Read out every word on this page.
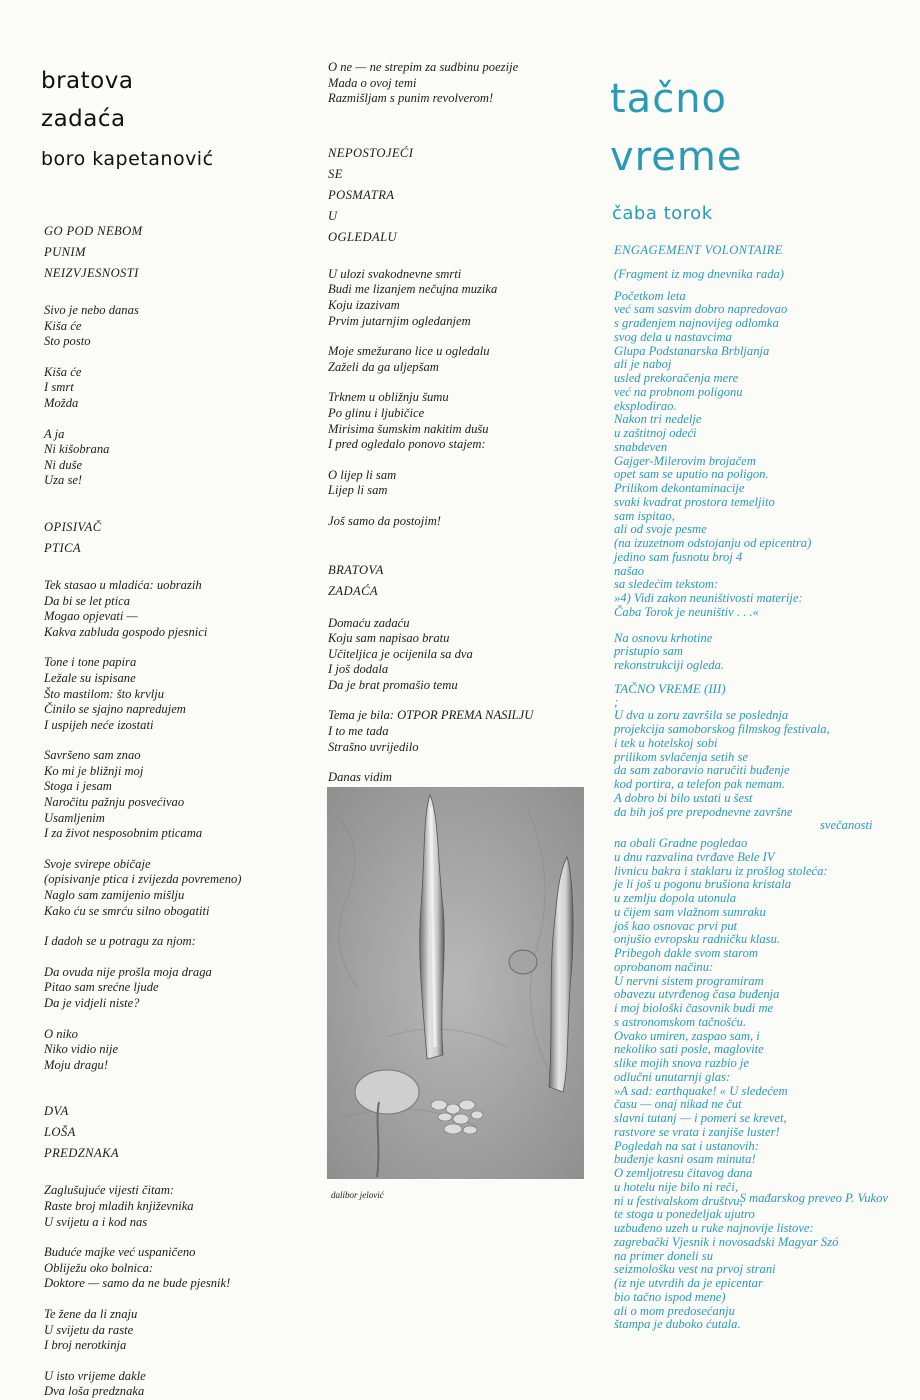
bratova
zadaća
boro kapetanović
GO POD NEBOM
PUNIM
NEIZVJESNOSTI
Sivo je nebo danas
Kiša će
Sto posto
Kiša će
I smrt
Možda
A ja
Ni kišobrana
Ni duše
Uza se!
OPISIVAČ
PTICA
Tek stasao u mladića: uobrazih
Da bi se let ptica
Mogao opjevati —
Kakva zabluda gospodo pjesnici
Tone i tone papira
Ležale su ispisane
Što mastilom: što krvlju
Činilo se sjajno napredujem
I uspijeh neće izostati
Savršeno sam znao
Ko mi je bližnji moj
Stoga i jesam
Naročitu pažnju posvećivao
Usamljenim
I za život nesposobnim pticama
Svoje svirepe običaje
(opisivanje ptica i zvijezda povremeno)
Naglo sam zamijenio mišlju
Kako ću se smrću silno obogatiti
I dadoh se u potragu za njom:
Da ovuda nije prošla moja draga
Pitao sam srećne ljude
Da je vidjeli niste?
O niko
Niko vidio nije
Moju dragu!
DVA
LOŠA
PREDZNAKA
Zaglušujuće vijesti čitam:
Raste broj mladih književnika
U svijetu a i kod nas
Buduće majke već uspaničeno
Obliježu oko bolnica:
Doktore — samo da ne bude pjesnik!
Te žene da li znaju
U svijetu da raste
I broj nerotkinja
U isto vrijeme dakle
Dva loša predznaka
O ne — ne strepim za sudbinu poezije
Mada o ovoj temi
Razmišljam s punim revolverom!
NEPOSTOJEĆI
SE
POSMATRA
U
OGLEDALU
U ulozi svakodnevne smrti
Budi me lizanjem nečujna muzika
Koju izazivam
Prvim jutarnjim ogledanjem
Moje smežurano lice u ogledalu
Zaželi da ga uljepšam
Trknem u obližnju šumu
Po glinu i ljubičice
Mirisima šumskim nakitim dušu
I pred ogledalo ponovo stajem:
O lijep li sam
Lijep li sam
Još samo da postojim!
BRATOVA
ZADAĆA
Domaću zadaću
Koju sam napisao bratu
Učiteljica je ocijenila sa dva
I još dodala
Da je brat promašio temu
Tema je bila: OTPOR PREMA NASILJU
I to me tada
Strašno uvrijedilo
Danas vidim
dalibor jelović
tačno
vreme
čaba torok
ENGAGEMENT VOLONTAIRE
(Fragment iz mog dnevnika rada)
Početkom leta
već sam sasvim dobro napredovao
s građenjem najnovijeg odlomka
svog dela u nastavcima
Glupa Podstanarska Brbljanja
ali je naboj
usled prekoračenja mere
već na probnom poligonu
eksplodirao.
Nakon tri nedelje
u zaštitnoj odeći
snabdeven
Gajger-Milerovim brojačem
opet sam se uputio na poligon.
Prilikom dekontaminacije
svaki kvadrat prostora temeljito
sam ispitao,
ali od svoje pesme
(na izuzetnom odstojanju od epicentra)
jedino sam fusnotu broj 4
našao
sa sledećim tekstom:
»4) Vidi zakon neuništivosti materije:
Čaba Torok je neuništiv . . .«
Na osnovu krhotine
pristupio sam
rekonstrukciji ogleda.
TAČNO VREME (III)
;
U dva u zoru završila se poslednja
projekcija samoborskog filmskog festivala,
i tek u hotelskoj sobi
prilikom svlačenja setih se
da sam zaboravio naručiti buđenje
kod portira, a telefon pak nemam.
A dobro bi bilo ustati u šest
da bih još pre prepodnevne završne
svečanosti
na obali Gradne pogledao
u dnu razvalina tvrđave Bele IV
livnicu bakra i staklaru iz prošlog stoleća:
je li još u pogonu brušiona kristala
u zemlju dopola utonula
u čijem sam vlažnom sumraku
još kao osnovac prvi put
onjušio evropsku radničku klasu.
Pribegoh dakle svom starom
oprobanom načinu:
U nervni sistem programiram
obavezu utvrđenog časa buđenja
i moj biološki časovnik budi me
s astronomskom tačnošću.
Ovako umiren, zaspao sam, i
nekoliko sati posle, maglovite
slike mojih snova razbio je
odlučni unutarnji glas:
»A sad: earthquake! « U sledećem
času — onaj nikad ne čut
slavni tutanj — i pomeri se krevet,
rastvore se vrata i zanjiše luster!
Pogledah na sat i ustanovih:
buđenje kasni osam minuta!
O zemljotresu čitavog dana
u hotelu nije bilo ni reči,
ni u festivalskom društvu,
te stoga u ponedeljak ujutro
uzbuđeno uzeh u ruke najnovije listove:
zagrebački Vjesnik i novosadski Magyar Szó
na primer doneli su
seizmološku vest na prvoj strani
(iz nje utvrdih da je epicentar
bio tačno ispod mene)
ali o mom predosećanju
štampa je duboko ćutala.
S mađarskog preveo P. Vukov
